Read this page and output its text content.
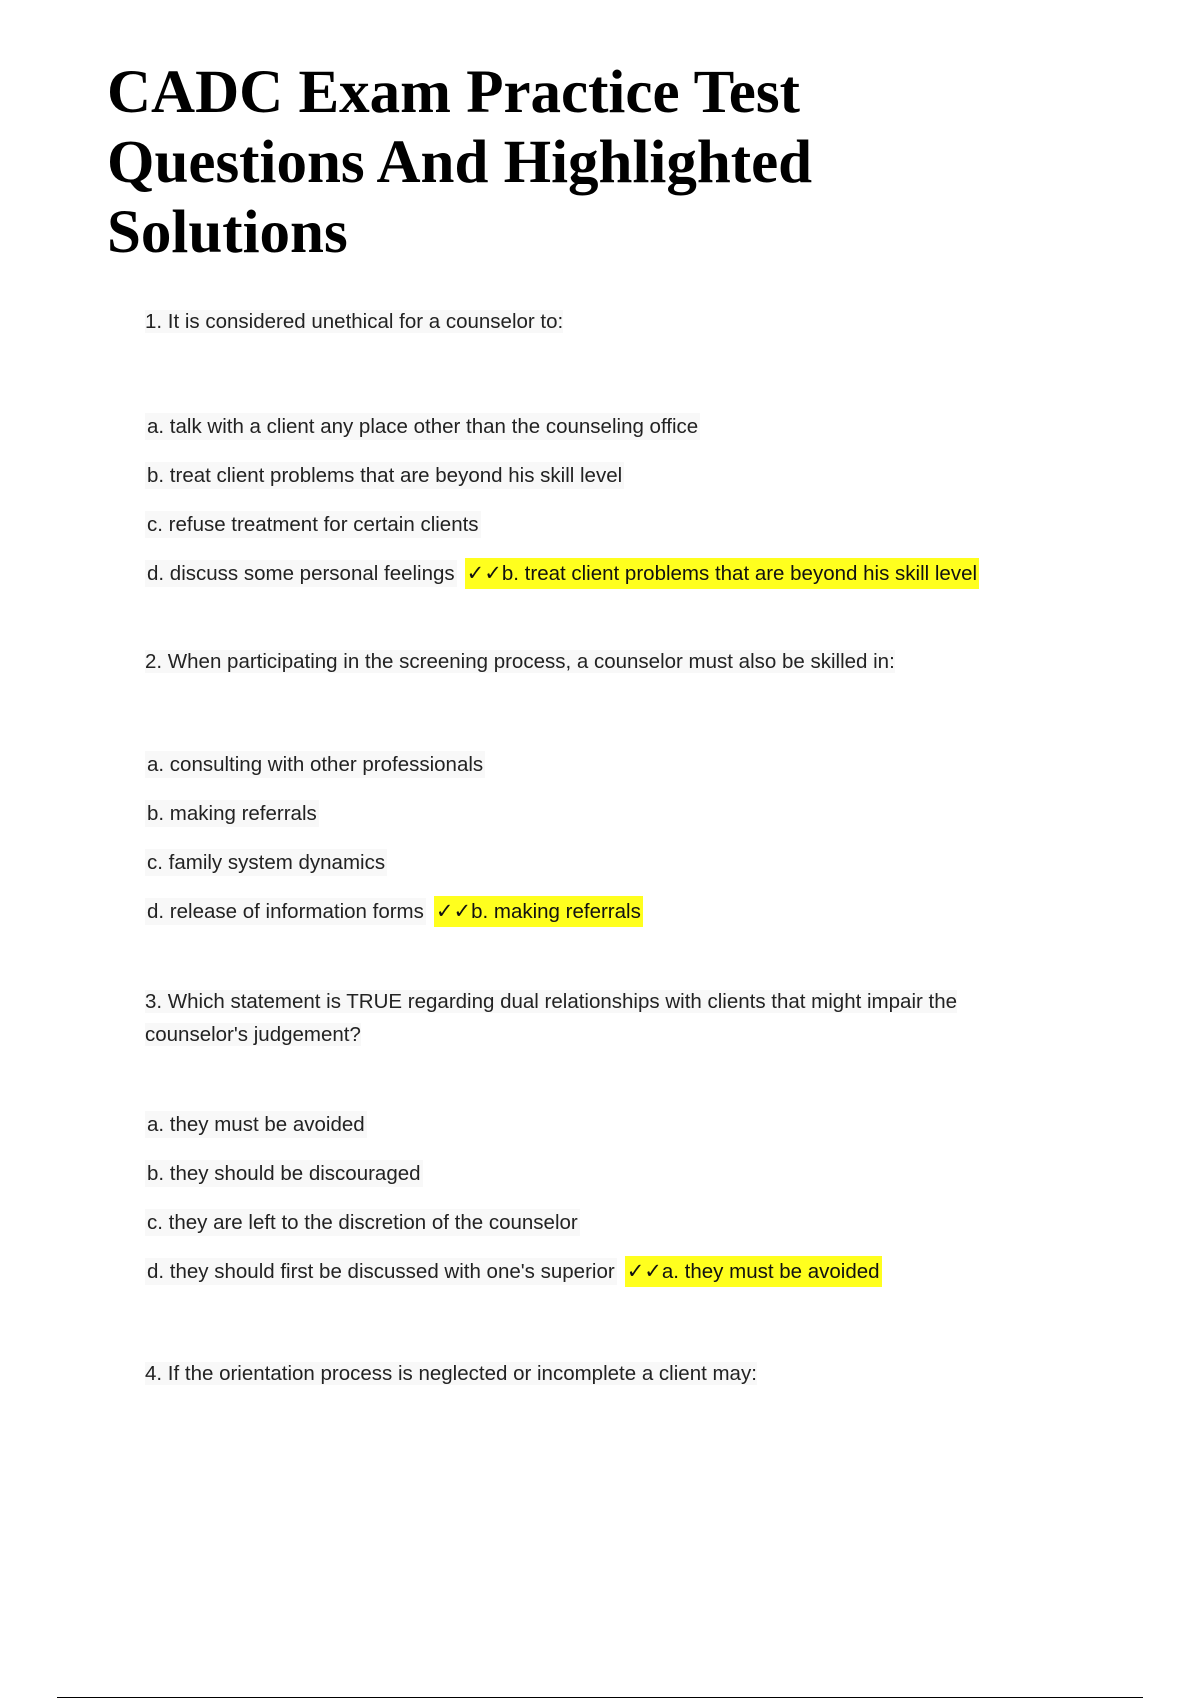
CADC Exam Practice Test Questions And Highlighted Solutions

1. It is considered unethical for a counselor to:

a. talk with a client any place other than the counseling office
b. treat client problems that are beyond his skill level
c. refuse treatment for certain clients
d. discuss some personal feelings ✓✓b. treat client problems that are beyond his skill level

2. When participating in the screening process, a counselor must also be skilled in:

a. consulting with other professionals
b. making referrals
c. family system dynamics
d. release of information forms ✓✓b. making referrals

3. Which statement is TRUE regarding dual relationships with clients that might impair the counselor's judgement?

a. they must be avoided
b. they should be discouraged
c. they are left to the discretion of the counselor
d. they should first be discussed with one's superior ✓✓a. they must be avoided

4. If the orientation process is neglected or incomplete a client may:
